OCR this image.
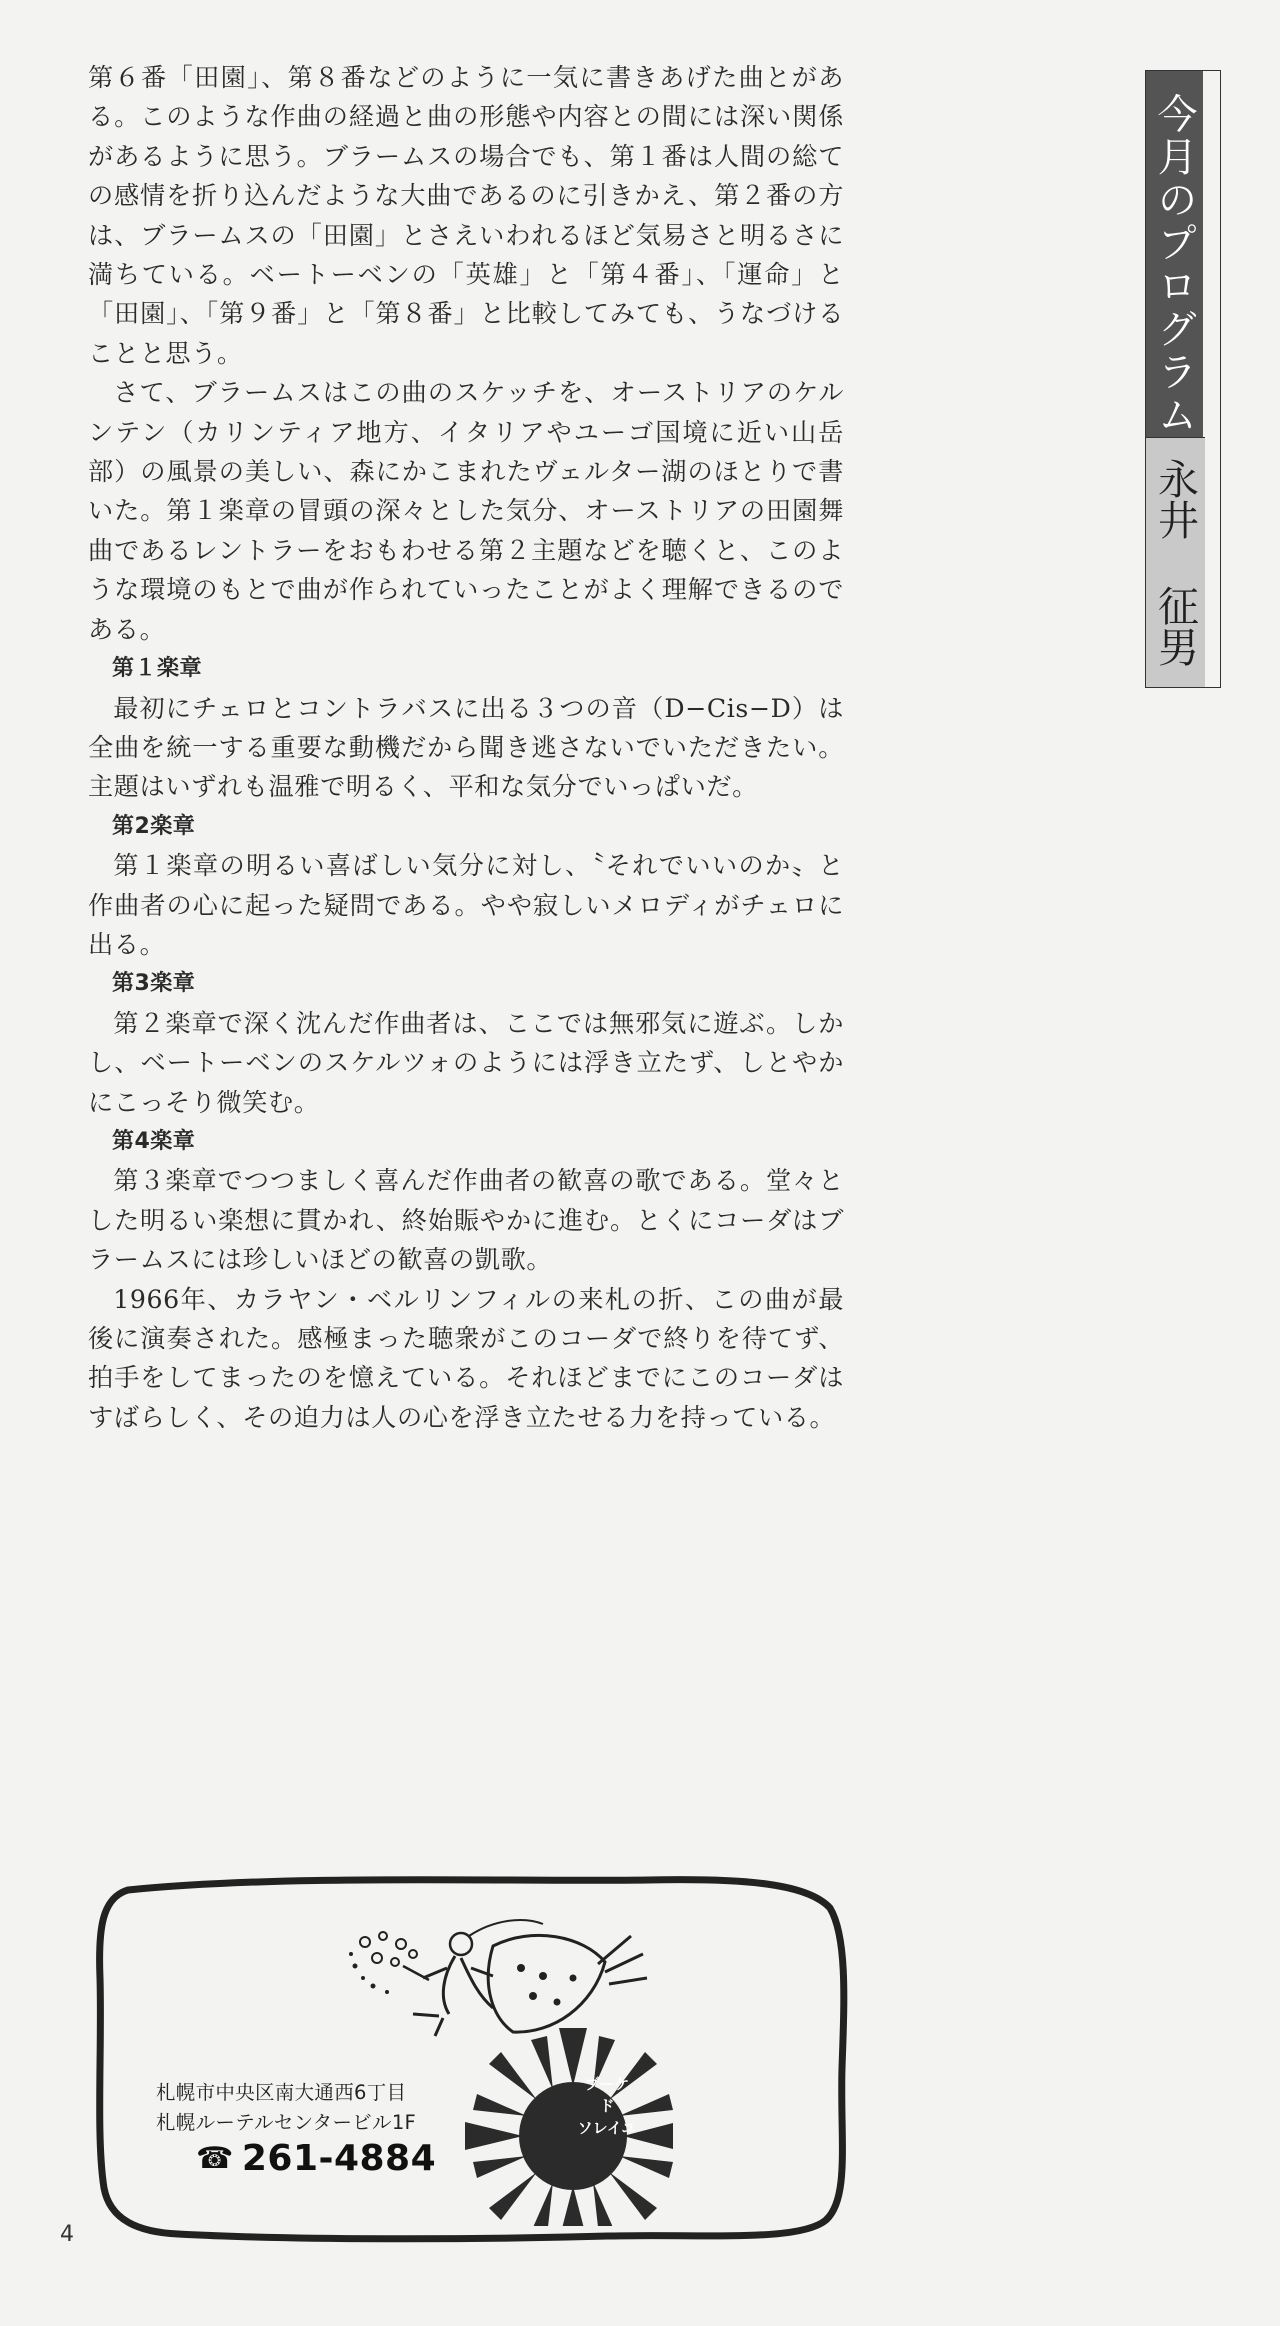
第６番「田園」、第８番などのように一気に書きあげた曲とがある。このような作曲の経過と曲の形態や内容との間には深い関係があるように思う。ブラームスの場合でも、第１番は人間の総ての感情を折り込んだような大曲であるのに引きかえ、第２番の方は、ブラームスの「田園」とさえいわれるほど気易さと明るさに満ちている。ベートーベンの「英雄」と「第４番」、「運命」と「田園」、「第９番」と「第８番」と比較してみても、うなづけることと思う。

さて、ブラームスはこの曲のスケッチを、オーストリアのケルンテン（カリンティア地方、イタリアやユーゴ国境に近い山岳部）の風景の美しい、森にかこまれたヴェルター湖のほとりで書いた。第１楽章の冒頭の深々とした気分、オーストリアの田園舞曲であるレントラーをおもわせる第２主題などを聴くと、このような環境のもとで曲が作られていったことがよく理解できるのである。

第１楽章

最初にチェロとコントラバスに出る３つの音（D−Cis−D）は全曲を統一する重要な動機だから聞き逃さないでいただきたい。主題はいずれも温雅で明るく、平和な気分でいっぱいだ。

第2楽章

第１楽章の明るい喜ばしい気分に対し、〝それでいいのか〟と作曲者の心に起った疑問である。やや寂しいメロディがチェロに出る。

第3楽章

第２楽章で深く沈んだ作曲者は、ここでは無邪気に遊ぶ。しかし、ベートーベンのスケルツォのようには浮き立たず、しとやかにこっそり微笑む。

第4楽章

第３楽章でつつましく喜んだ作曲者の歓喜の歌である。堂々とした明るい楽想に貫かれ、終始賑やかに進む。とくにコーダはブラームスには珍しいほどの歓喜の凱歌。

1966年、カラヤン・ベルリンフィルの来札の折、この曲が最後に演奏された。感極まった聴衆がこのコーダで終りを待てず、拍手をしてまったのを憶えている。それほどまでにこのコーダはすばらしく、その迫力は人の心を浮き立たせる力を持っている。

今月のプログラム
永井
征男
ブーケ
ド
ソレイユ
札幌市中央区南大通西6丁目
札幌ルーテルセンタービル1F
☎ 261-4884
4
